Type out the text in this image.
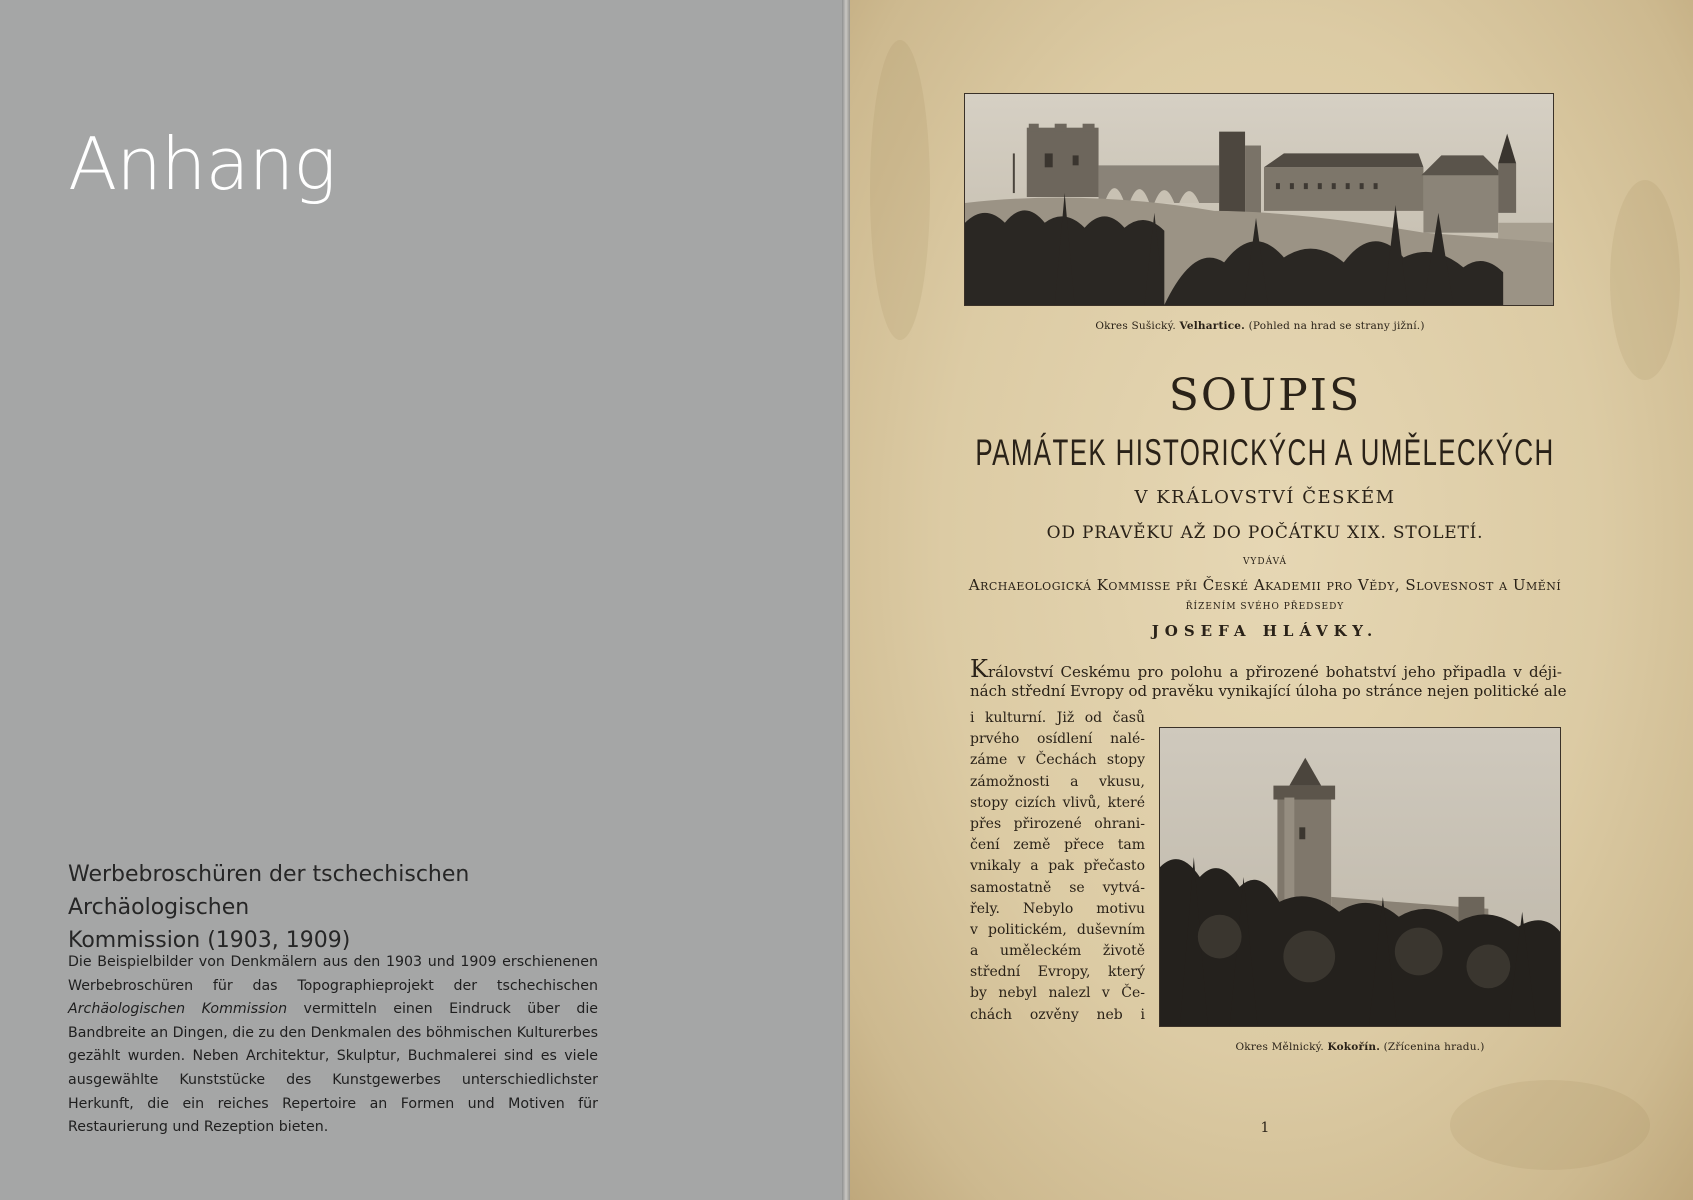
Anhang
Werbebroschüren der tschechischen Archäologischen
Kommission (1903, 1909)

Die Beispielbilder von Denkmälern aus den 1903 und 1909 erschienenen Werbebroschüren für das Topographieprojekt der tschechischen Archäologischen Kommission vermitteln einen Eindruck über die Bandbreite an Dingen, die zu den Denkmalen des böhmischen Kulturerbes gezählt wurden. Neben Architektur, Skulptur, Buchmalerei sind es viele ausgewählte Kunststücke des Kunstgewerbes unterschiedlichster Herkunft, die ein reiches Repertoire an Formen und Motiven für Restaurierung und Rezeption bieten.

Okres Sušický. Velhartice. (Pohled na hrad se strany jižní.)
SOUPIS
PAMÁTEK HISTORICKÝCH A UMĚLECKÝCH
V KRÁLOVSTVÍ ČESKÉM
OD PRAVĚKU AŽ DO POČÁTKU XIX. STOLETÍ.
VYDÁVÁ
Archaeologická Kommisse při České Akademii pro Vědy, Slovesnost a Umění
ŘÍZENÍM SVÉHO PŘEDSEDY
JOSEFA HLÁVKY.
Království Ceskému pro polohu a přirozené bohatství jeho připadla v déji-
nách střední Evropy od pravěku vynikající úloha po stránce nejen politické ale
i kulturní. Již od časů
prvého osídlení nalé-
záme v Čechách stopy
zámožnosti a vkusu,
stopy cizích vlivů, které
přes přirozené ohrani-
čení země přece tam
vnikaly a pak přečasto
samostatně se vytvá-
řely. Nebylo motivu
v politickém, duševním
a uměleckém životě
střední Evropy, který
by nebyl nalezl v Če-
chách ozvěny neb i
Okres Mělnický. Kokořín. (Zřícenina hradu.)
1
